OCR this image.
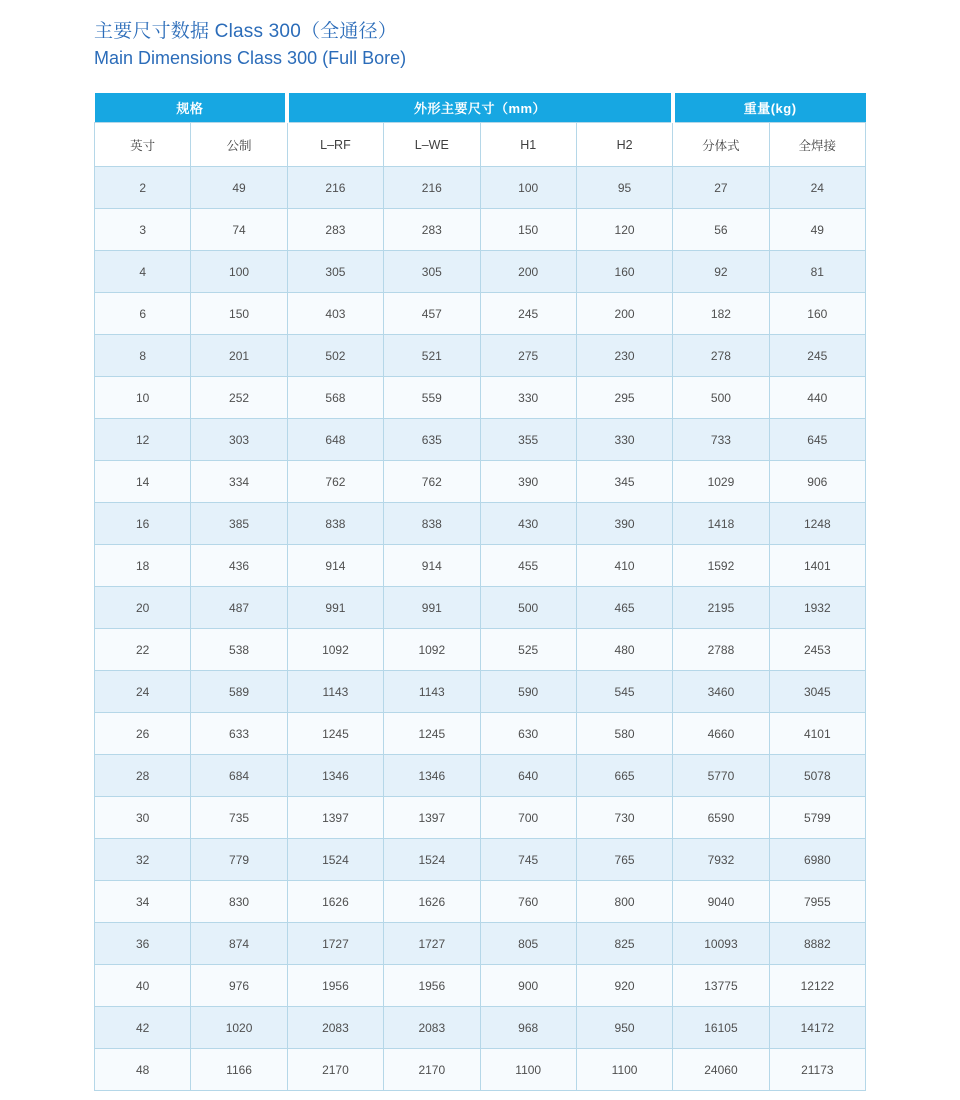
主要尺寸数据 Class 300（全通径）
Main Dimensions Class 300 (Full Bore)
规格		外形主要尺寸（mm）				重量(kg)	
英寸	公制	L–RF	L–WE	H1	H2	分体式	全焊接
2	49	216	216	100	95	27	24
3	74	283	283	150	120	56	49
4	100	305	305	200	160	92	81
6	150	403	457	245	200	182	160
8	201	502	521	275	230	278	245
10	252	568	559	330	295	500	440
12	303	648	635	355	330	733	645
14	334	762	762	390	345	1029	906
16	385	838	838	430	390	1418	1248
18	436	914	914	455	410	1592	1401
20	487	991	991	500	465	2195	1932
22	538	1092	1092	525	480	2788	2453
24	589	1143	1143	590	545	3460	3045
26	633	1245	1245	630	580	4660	4101
28	684	1346	1346	640	665	5770	5078
30	735	1397	1397	700	730	6590	5799
32	779	1524	1524	745	765	7932	6980
34	830	1626	1626	760	800	9040	7955
36	874	1727	1727	805	825	10093	8882
40	976	1956	1956	900	920	13775	12122
42	1020	2083	2083	968	950	16105	14172
48	1166	2170	2170	1100	1100	24060	21173
